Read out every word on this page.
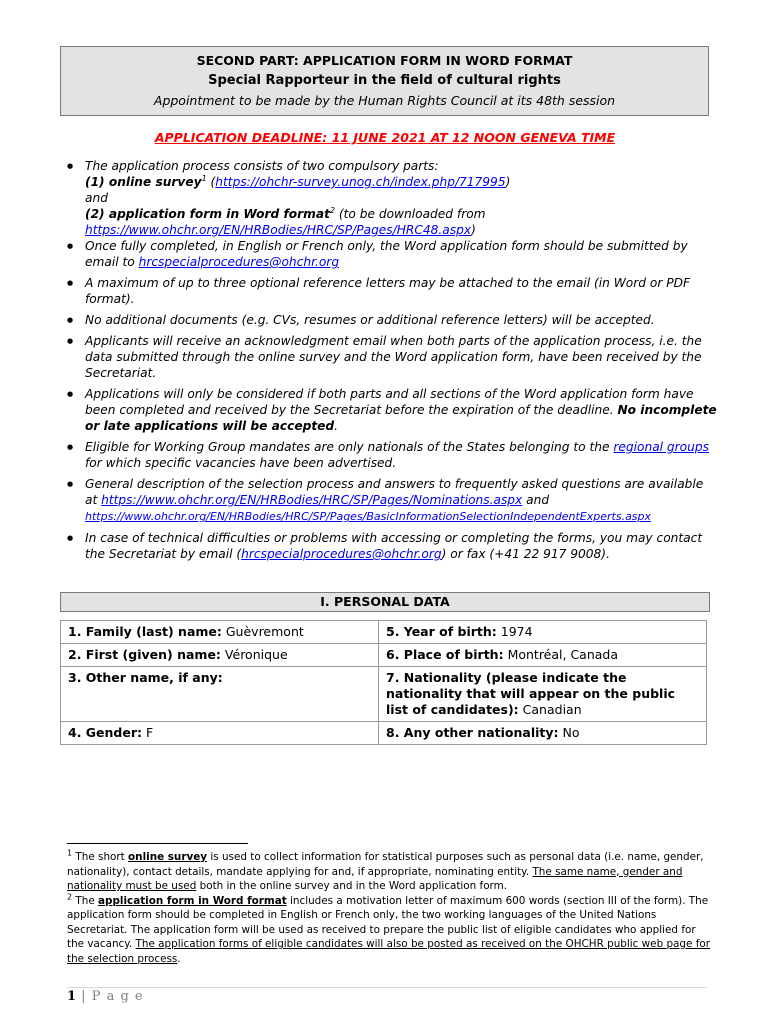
SECOND PART: APPLICATION FORM IN WORD FORMAT
Special Rapporteur in the field of cultural rights
Appointment to be made by the Human Rights Council at its 48th session
APPLICATION DEADLINE: 11 JUNE 2021 AT 12 NOON GENEVA TIME
● The application process consists of two compulsory parts:
(1) online survey$^1$ (https://ohchr-survey.unog.ch/index.php/717995)
and
(2) application form in Word format$^2$ (to be downloaded from
https://www.ohchr.org/EN/HRBodies/HRC/SP/Pages/HRC48.aspx)
● Once fully completed, in English or French only, the Word application form should be submitted by email to hrcspecialprocedures@ohchr.org
● A maximum of up to three optional reference letters may be attached to the email (in Word or PDF format).
● No additional documents (e.g. CVs, resumes or additional reference letters) will be accepted.
● Applicants will receive an acknowledgment email when both parts of the application process, i.e. the data submitted through the online survey and the Word application form, have been received by the Secretariat.
● Applications will only be considered if both parts and all sections of the Word application form have been completed and received by the Secretariat before the expiration of the deadline. No incomplete or late applications will be accepted.
● Eligible for Working Group mandates are only nationals of the States belonging to the regional groups for which specific vacancies have been advertised.
● General description of the selection process and answers to frequently asked questions are available at https://www.ohchr.org/EN/HRBodies/HRC/SP/Pages/Nominations.aspx and
https://www.ohchr.org/EN/HRBodies/HRC/SP/Pages/BasicInformationSelectionIndependentExperts.aspx
● In case of technical difficulties or problems with accessing or completing the forms, you may contact the Secretariat by email (hrcspecialprocedures@ohchr.org) or fax (+41 22 917 9008).
I. PERSONAL DATA
1. Family (last) name: Guèvremont	5. Year of birth: 1974
2. First (given) name: Véronique	6. Place of birth: Montréal, Canada
3. Other name, if any:	7. Nationality (please indicate the nationality that will appear on the public list of candidates): Canadian
4. Gender: F	8. Any other nationality: No

$^1$ The short online survey is used to collect information for statistical purposes such as personal data (i.e. name, gender, nationality), contact details, mandate applying for and, if appropriate, nominating entity. The same name, gender and nationality must be used both in the online survey and in the Word application form.

$^2$ The application form in Word format includes a motivation letter of maximum 600 words (section III of the form). The application form should be completed in English or French only, the two working languages of the United Nations Secretariat. The application form will be used as received to prepare the public list of eligible candidates who applied for the vacancy. The application forms of eligible candidates will also be posted as received on the OHCHR public web page for the selection process.

1 | P a g e
